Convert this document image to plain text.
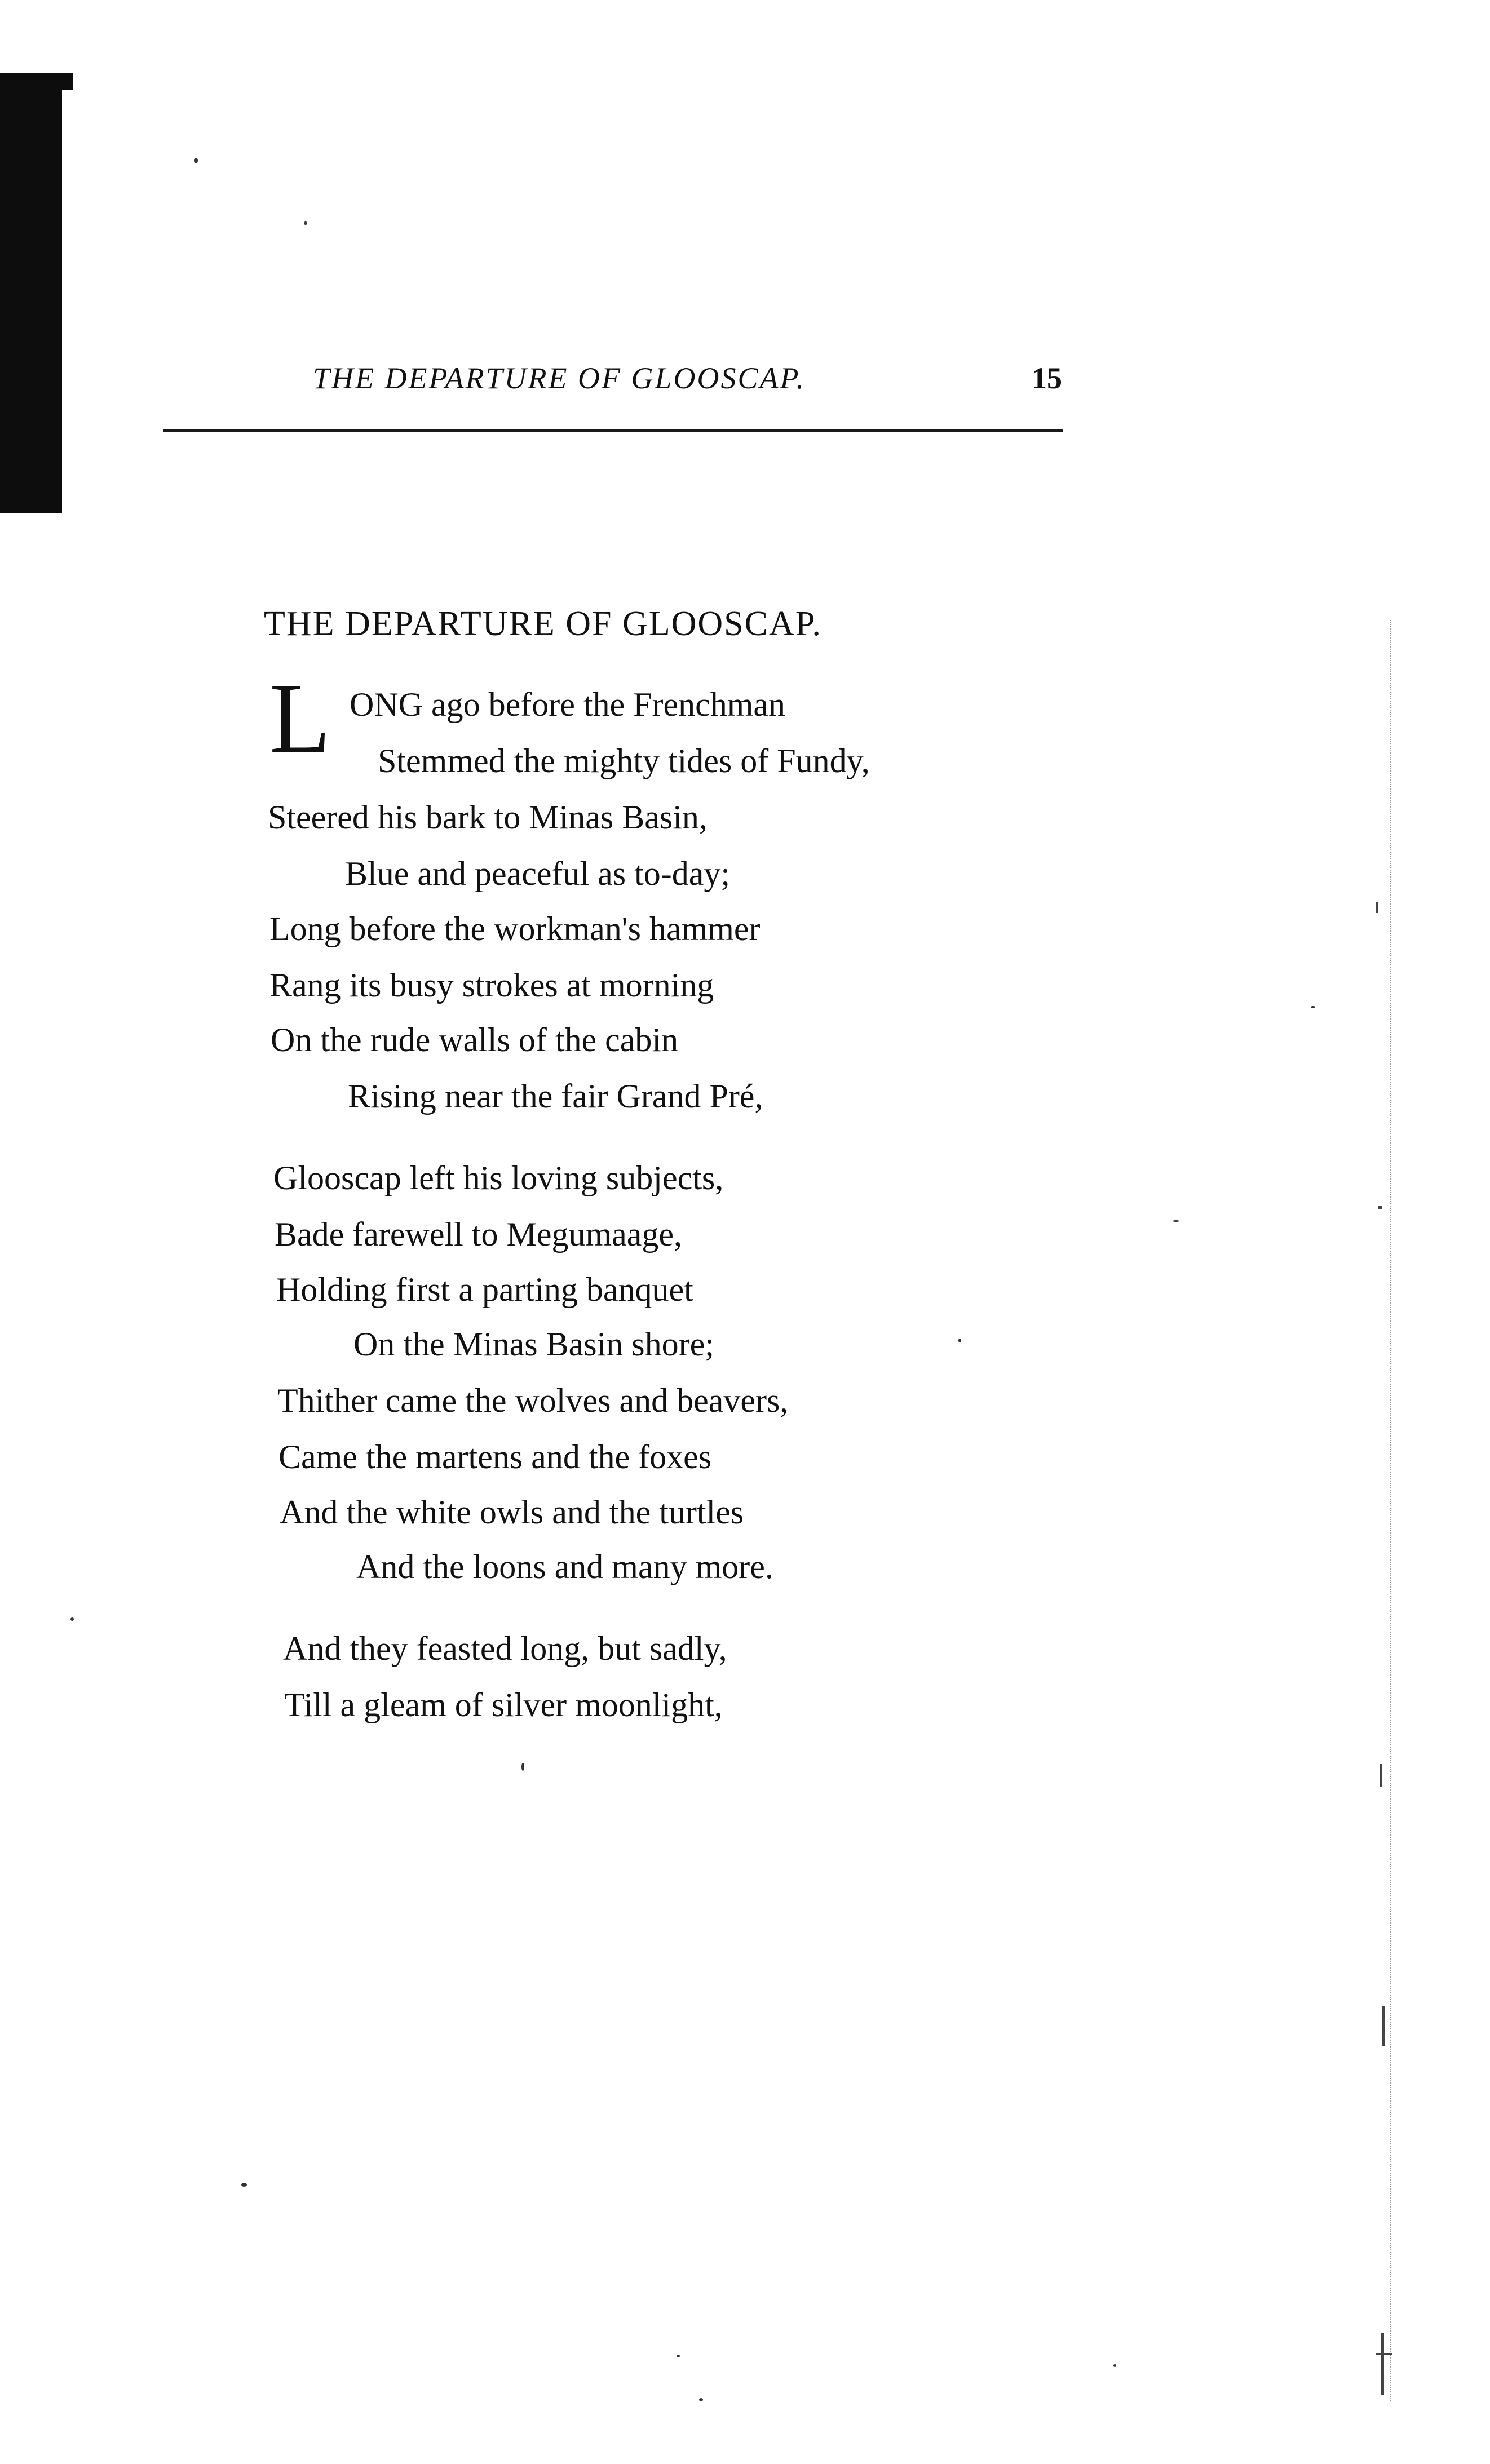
THE DEPARTURE OF GLOOSCAP.	15
THE DEPARTURE OF GLOOSCAP.
L ONG ago before the Frenchman
Stemmed the mighty tides of Fundy,
Steered his bark to Minas Basin,
Blue and peaceful as to-day;
Long before the workman's hammer
Rang its busy strokes at morning
On the rude walls of the cabin
Rising near the fair Grand Pré,
Glooscap left his loving subjects,
Bade farewell to Megumaage,
Holding first a parting banquet
On the Minas Basin shore;
Thither came the wolves and beavers,
Came the martens and the foxes
And the white owls and the turtles
And the loons and many more.
And they feasted long, but sadly,
Till a gleam of silver moonlight,
